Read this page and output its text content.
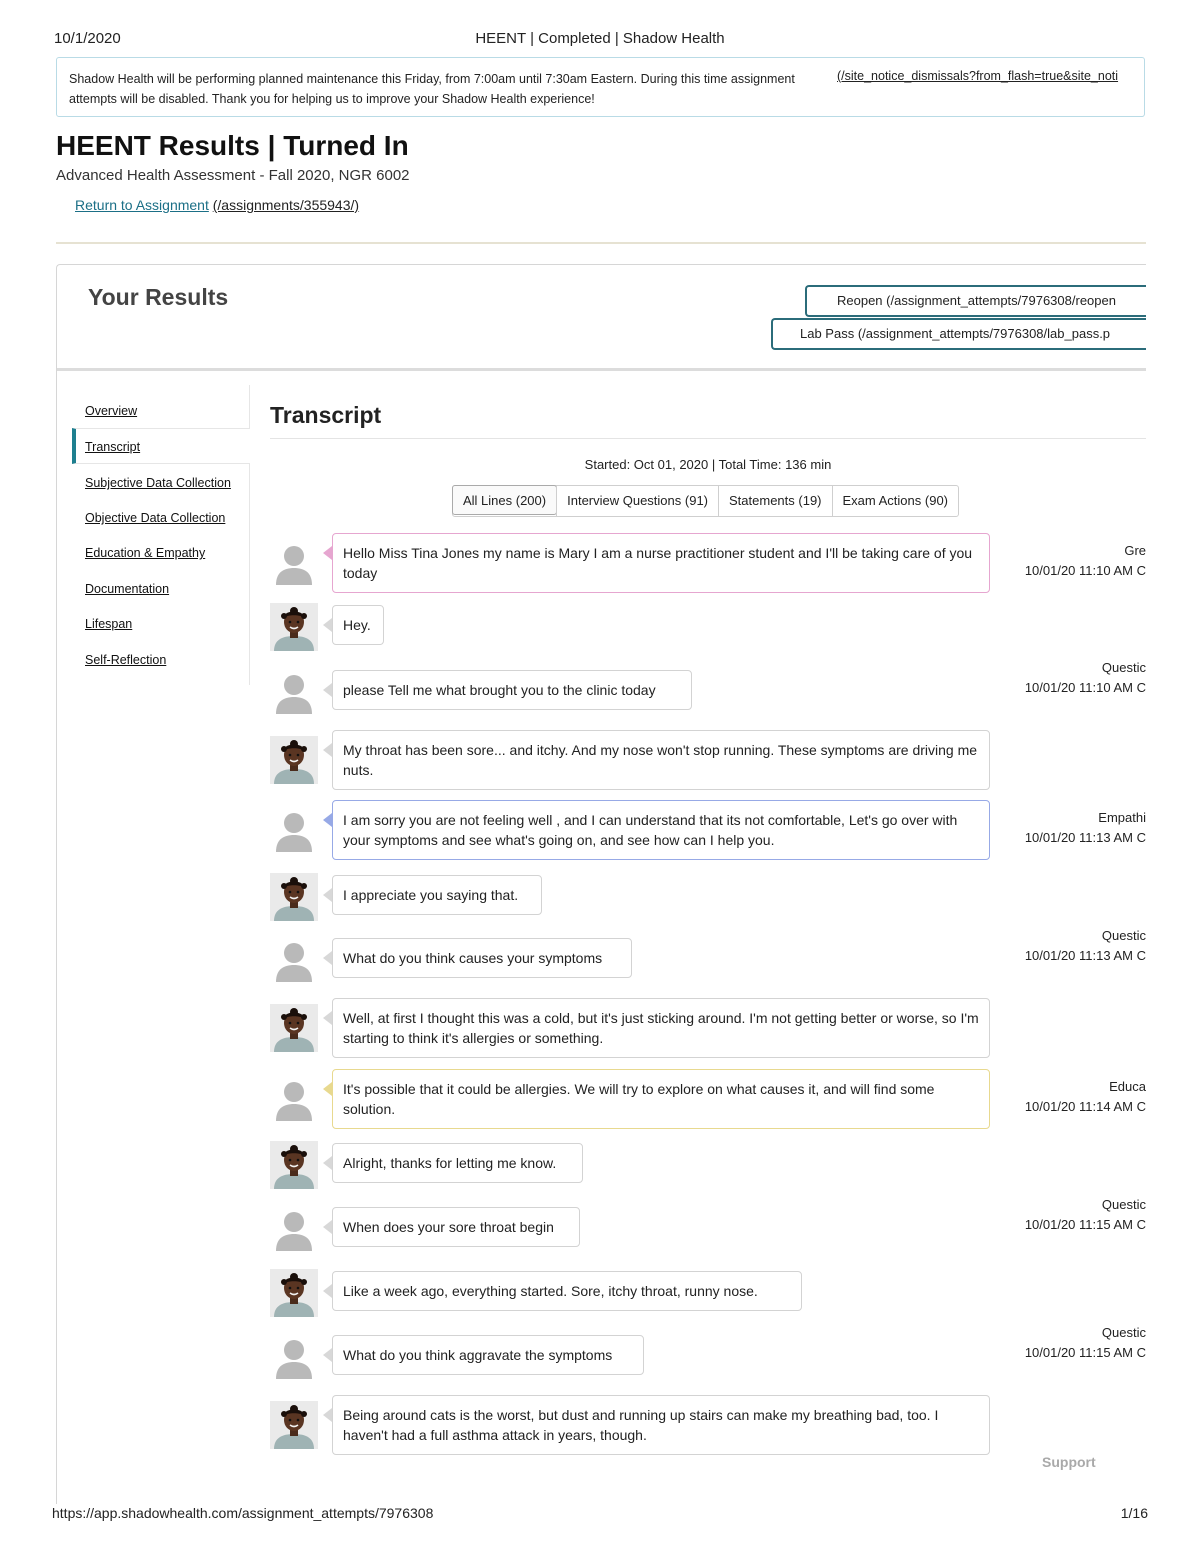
10/1/2020	HEENT | Completed | Shadow Health
Shadow Health will be performing planned maintenance this Friday, from 7:00am until 7:30am Eastern. During this time assignment attempts will be disabled. Thank you for helping us to improve your Shadow Health experience!
(/site_notice_dismissals?from_flash=true&site_noti
HEENT Results | Turned In
Advanced Health Assessment - Fall 2020, NGR 6002
Return to Assignment (/assignments/355943/)
Your Results	Reopen (/assignment_attempts/7976308/reopen
Lab Pass (/assignment_attempts/7976308/lab_pass.p
Overview
Transcript
Subjective Data Collection
Objective Data Collection
Education & Empathy
Documentation
Lifespan
Self-Reflection
Transcript
Started: Oct 01, 2020 | Total Time: 136 min
All Lines (200)	Interview Questions (91)	Statements (19)	Exam Actions (90)
Hello Miss Tina Jones my name is Mary I am a nurse practitioner student and I'll be taking care of you today
Gre
10/01/20 11:10 AM C
Hey.
please Tell me what brought you to the clinic today
Questic
10/01/20 11:10 AM C
My throat has been sore... and itchy. And my nose won't stop running. These symptoms are driving me nuts.
I am sorry you are not feeling well , and I can understand that its not comfortable, Let's go over with your symptoms and see what's going on, and see how can I help you.
Empathi
10/01/20 11:13 AM C
I appreciate you saying that.
What do you think causes your symptoms
Questic
10/01/20 11:13 AM C
Well, at first I thought this was a cold, but it's just sticking around. I'm not getting better or worse, so I'm starting to think it's allergies or something.
It's possible that it could be allergies. We will try to explore on what causes it, and will find some solution.
Educa
10/01/20 11:14 AM C
Alright, thanks for letting me know.
When does your sore throat begin
Questic
10/01/20 11:15 AM C
Like a week ago, everything started. Sore, itchy throat, runny nose.
What do you think aggravate the symptoms
Questic
10/01/20 11:15 AM C
Being around cats is the worst, but dust and running up stairs can make my breathing bad, too. I haven't had a full asthma attack in years, though.
Support
https://app.shadowhealth.com/assignment_attempts/7976308	1/16
